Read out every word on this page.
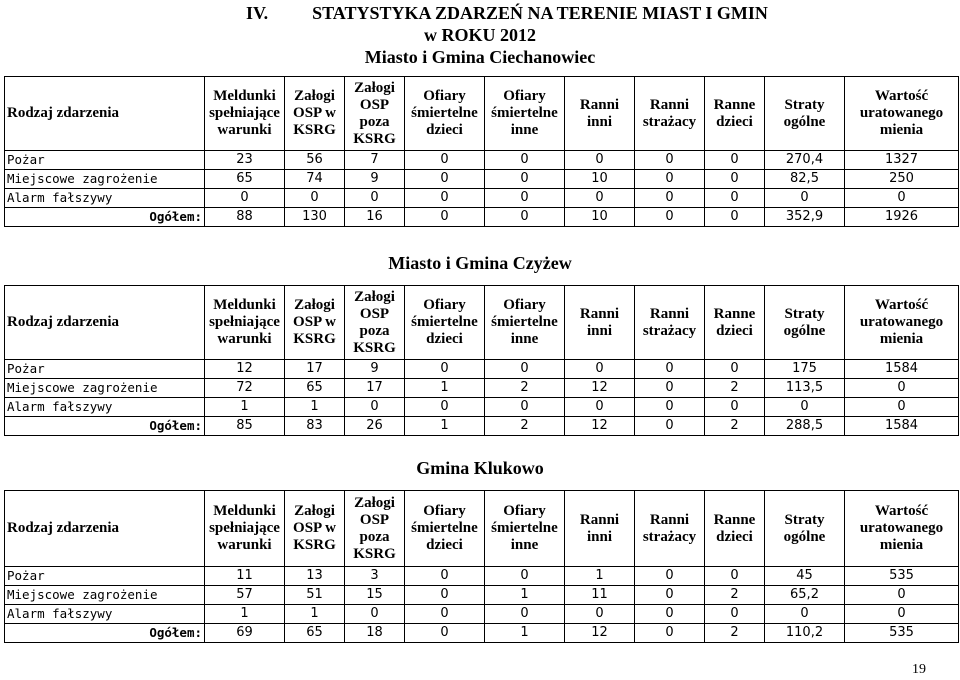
IV. STATYSTYKA ZDARZEŃ NA TERENIE MIAST I GMIN
w ROKU 2012
Miasto i Gmina Ciechanowiec
Miasto i Gmina Czyżew
Gmina Klukowo
Rodzaj zdarzenia	Meldunki spełniające warunki	Załogi OSP w KSRG	Załogi OSP poza KSRG	Ofiary śmiertelne dzieci	Ofiary śmiertelne inne	Ranni inni	Ranni strażacy	Ranne dzieci	Straty ogólne	Wartość uratowanego mienia
Pożar	23	56	7	0	0	0	0	0	270,4	1327
Miejscowe zagrożenie	65	74	9	0	0	10	0	0	82,5	250
Alarm fałszywy	0	0	0	0	0	0	0	0	0	0
Ogółem:	88	130	16	0	0	10	0	0	352,9	1926
Rodzaj zdarzenia	Meldunki spełniające warunki	Załogi OSP w KSRG	Załogi OSP poza KSRG	Ofiary śmiertelne dzieci	Ofiary śmiertelne inne	Ranni inni	Ranni strażacy	Ranne dzieci	Straty ogólne	Wartość uratowanego mienia
Pożar	12	17	9	0	0	0	0	0	175	1584
Miejscowe zagrożenie	72	65	17	1	2	12	0	2	113,5	0
Alarm fałszywy	1	1	0	0	0	0	0	0	0	0
Ogółem:	85	83	26	1	2	12	0	2	288,5	1584
Rodzaj zdarzenia	Meldunki spełniające warunki	Załogi OSP w KSRG	Załogi OSP poza KSRG	Ofiary śmiertelne dzieci	Ofiary śmiertelne inne	Ranni inni	Ranni strażacy	Ranne dzieci	Straty ogólne	Wartość uratowanego mienia
Pożar	11	13	3	0	0	1	0	0	45	535
Miejscowe zagrożenie	57	51	15	0	1	11	0	2	65,2	0
Alarm fałszywy	1	1	0	0	0	0	0	0	0	0
Ogółem:	69	65	18	0	1	12	0	2	110,2	535
19
